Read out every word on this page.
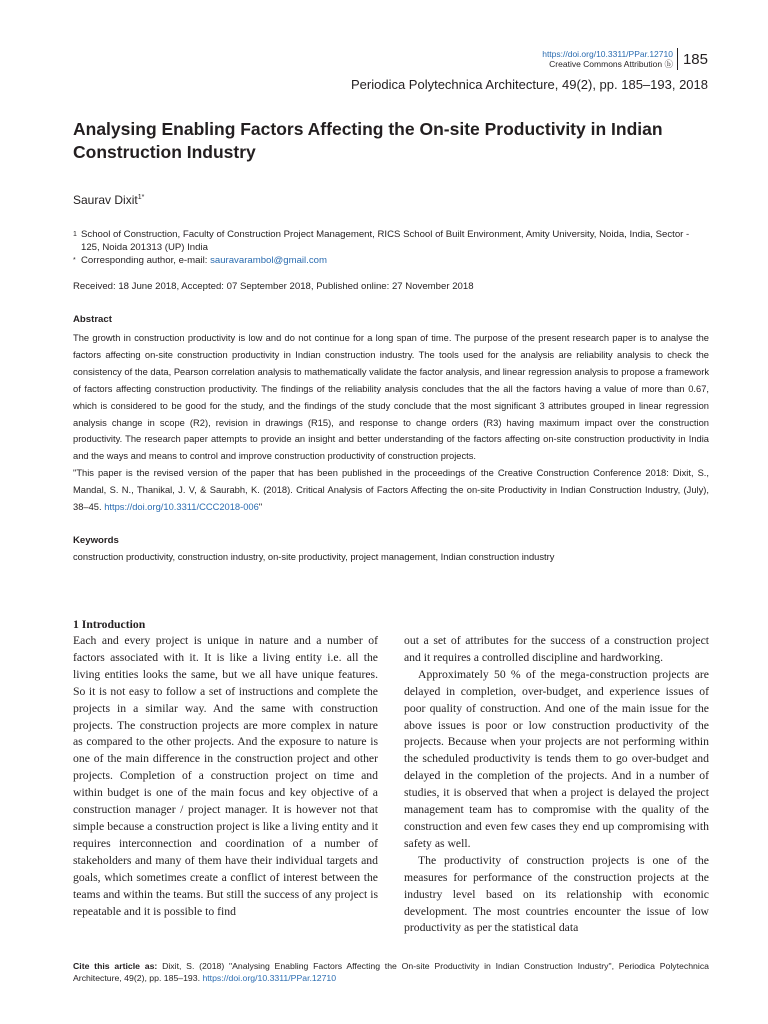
https://doi.org/10.3311/PPar.12710
Creative Commons Attribution ⓑ 185
Periodica Polytechnica Architecture, 49(2), pp. 185–193, 2018
Analysing Enabling Factors Affecting the On-site Productivity in Indian Construction Industry
Saurav Dixit$^{1*}$
1 School of Construction, Faculty of Construction Project Management, RICS School of Built Environment, Amity University, Noida, India, Sector - 125, Noida 201313 (UP) India
* Corresponding author, e-mail: sauravarambol@gmail.com
Received: 18 June 2018, Accepted: 07 September 2018, Published online: 27 November 2018
Abstract

The growth in construction productivity is low and do not continue for a long span of time. The purpose of the present research paper is to analyse the factors affecting on-site construction productivity in Indian construction industry. The tools used for the analysis are reliability analysis to check the consistency of the data, Pearson correlation analysis to mathematically validate the factor analysis, and linear regression analysis to propose a framework of factors affecting construction productivity. The findings of the reliability analysis concludes that the all the factors having a value of more than 0.67, which is considered to be good for the study, and the findings of the study conclude that the most significant 3 attributes grouped in linear regression analysis change in scope (R2), revision in drawings (R15), and response to change orders (R3) having maximum impact over the construction productivity. The research paper attempts to provide an insight and better understanding of the factors affecting on-site construction productivity in India and the ways and means to control and improve construction productivity of construction projects.

"This paper is the revised version of the paper that has been published in the proceedings of the Creative Construction Conference 2018: Dixit, S., Mandal, S. N., Thanikal, J. V, & Saurabh, K. (2018). Critical Analysis of Factors Affecting the on-site Productivity in Indian Construction Industry, (July), 38–45. https://doi.org/10.3311/CCC2018-006"

Keywords
construction productivity, construction industry, on-site productivity, project management, Indian construction industry
1 Introduction

Each and every project is unique in nature and a number of factors associated with it. It is like a living entity i.e. all the living entities looks the same, but we all have unique features. So it is not easy to follow a set of instructions and complete the projects in a similar way. And the same with construction projects. The construction projects are more complex in nature as compared to the other projects. And the exposure to nature is one of the main difference in the construction project and other projects. Completion of a construction project on time and within budget is one of the main focus and key objective of a construction manager / project manager. It is however not that simple because a construction project is like a living entity and it requires interconnection and coordination of a number of stakeholders and many of them have their individual targets and goals, which sometimes create a conflict of interest between the teams and within the teams. But still the success of any project is repeatable and it is possible to find

out a set of attributes for the success of a construction project and it requires a controlled discipline and hardworking.

Approximately 50 % of the mega-construction projects are delayed in completion, over-budget, and experience issues of poor quality of construction. And one of the main issue for the above issues is poor or low construction productivity of the projects. Because when your projects are not performing within the scheduled productivity is tends them to go over-budget and delayed in the completion of the projects. And in a number of studies, it is observed that when a project is delayed the project management team has to compromise with the quality of the construction and even few cases they end up compromising with safety as well.

The productivity of construction projects is one of the measures for performance of the construction projects at the industry level based on its relationship with economic development. The most countries encounter the issue of low productivity as per the statistical data

Cite this article as: Dixit, S. (2018) "Analysing Enabling Factors Affecting the On-site Productivity in Indian Construction Industry", Periodica Polytechnica Architecture, 49(2), pp. 185–193. https://doi.org/10.3311/PPar.12710
